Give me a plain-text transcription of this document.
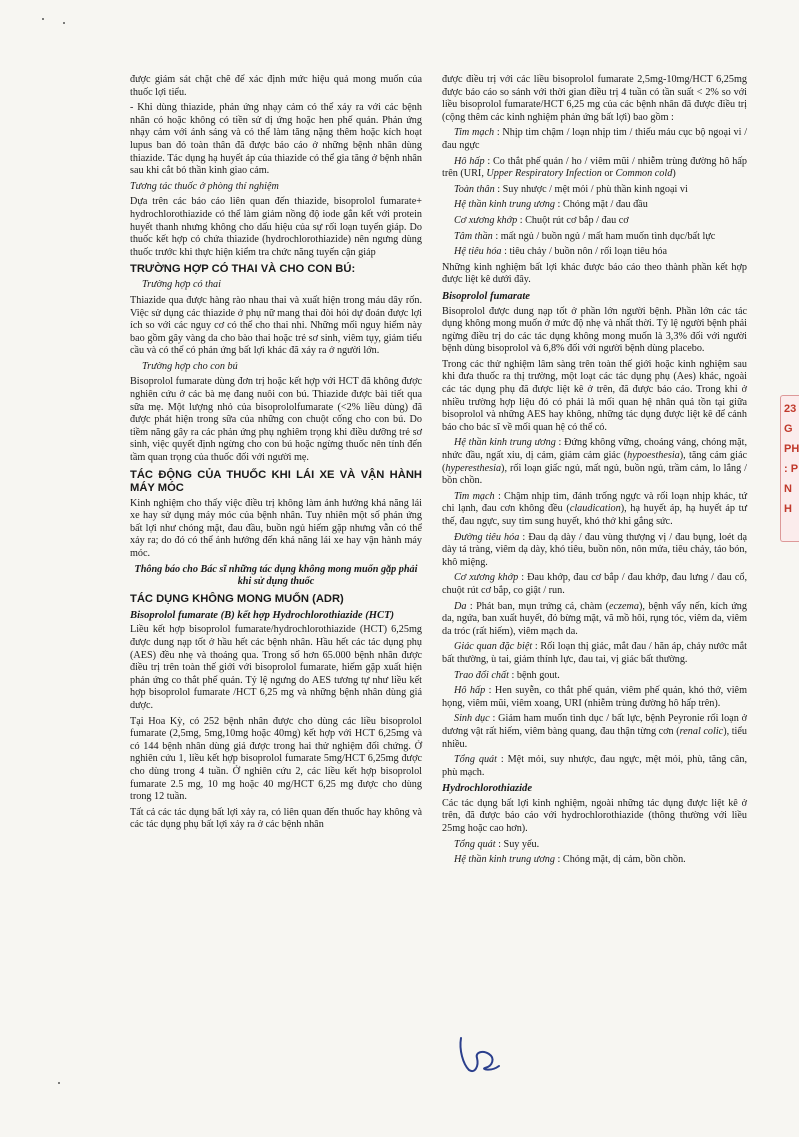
được giám sát chặt chẽ để xác định mức hiệu quả mong muốn của thuốc lợi tiểu.

- Khi dùng thiazide, phản ứng nhạy cảm có thể xảy ra với các bệnh nhân có hoặc không có tiền sử dị ứng hoặc hen phế quản. Phản ứng nhạy cảm với ánh sáng và có thể làm tăng nặng thêm hoặc kích hoạt lupus ban đỏ toàn thân đã được báo cáo ở những bệnh nhân dùng thiazide. Tác dụng hạ huyết áp của thiazide có thể gia tăng ở bệnh nhân sau khi cắt bỏ thần kinh giao cảm.

Tương tác thuốc ở phòng thí nghiệm

Dựa trên các báo cáo liên quan đến thiazide, bisoprolol fumarate+ hydrochlorothiazide có thể làm giảm nồng độ iode gắn kết với protein huyết thanh nhưng không cho dấu hiệu của sự rối loạn tuyến giáp. Do thuốc kết hợp có chứa thiazide (hydrochlorothiazide) nên ngưng dùng thuốc trước khi thực hiện kiểm tra chức năng tuyến cận giáp

TRƯỜNG HỢP CÓ THAI VÀ CHO CON BÚ:

Trường hợp có thai

Thiazide qua được hàng rào nhau thai và xuất hiện trong máu dây rốn. Việc sử dụng các thiazide ở phụ nữ mang thai đòi hỏi dự đoán được lợi ích so với các nguy cơ có thể cho thai nhi. Những mối nguy hiểm này bao gồm gây vàng da cho bào thai hoặc trẻ sơ sinh, viêm tụy, giảm tiểu cầu và có thể có phản ứng bất lợi khác đã xảy ra ở người lớn.

Trường hợp cho con bú

Bisoprolol fumarate dùng đơn trị hoặc kết hợp với HCT đã không được nghiên cứu ở các bà mẹ đang nuôi con bú. Thiazide được bài tiết qua sữa mẹ. Một lượng nhỏ của bisoprololfumarate (<2% liều dùng) đã được phát hiện trong sữa của những con chuột cống cho con bú. Do tiềm năng gây ra các phản ứng phụ nghiêm trọng khi điều dưỡng trẻ sơ sinh, việc quyết định ngừng cho con bú hoặc ngừng thuốc nên tính đến tầm quan trọng của thuốc đối với người mẹ.

TÁC ĐỘNG CỦA THUỐC KHI LÁI XE VÀ VẬN HÀNH MÁY MÓC

Kinh nghiệm cho thấy việc điều trị không làm ảnh hưởng khả năng lái xe hay sử dụng máy móc của bệnh nhân. Tuy nhiên một số phản ứng bất lợi như chóng mặt, đau đầu, buồn ngủ hiếm gặp nhưng vẫn có thể xảy ra; do đó có thể ảnh hưởng đến khả năng lái xe hay vận hành máy móc.

Thông báo cho Bác sĩ những tác dụng không mong muốn gặp phải khi sử dụng thuốc

TÁC DỤNG KHÔNG MONG MUỐN (ADR)
Bisoprolol fumarate (B) kết hợp Hydrochlorothiazide (HCT)

Liều kết hợp bisoprolol fumarate/hydrochlorothiazide (HCT) 6,25mg được dung nạp tốt ở hầu hết các bệnh nhân. Hầu hết các tác dụng phụ (AES) đều nhẹ và thoáng qua. Trong số hơn 65.000 bệnh nhân được điều trị trên toàn thế giới với bisoprolol fumarate, hiếm gặp xuất hiện phản ứng co thắt phế quản. Tỷ lệ ngưng do AES tương tự như liều kết hợp bisoprolol fumarate /HCT 6,25 mg và những bệnh nhân dùng giả dược.

Tại Hoa Kỳ, có 252 bệnh nhân được cho dùng các liều bisoprolol fumarate (2,5mg, 5mg,10mg hoặc 40mg) kết hợp với HCT 6,25mg và có 144 bệnh nhân dùng giả được trong hai thử nghiệm đối chứng. Ở nghiên cứu 1, liều kết hợp bisoprolol fumarate 5mg/HCT 6,25mg được cho dùng trong 4 tuần. Ở nghiên cứu 2, các liều kết hợp bisoprolol fumarate 2.5 mg, 10 mg hoặc 40 mg/HCT 6,25 mg được cho dùng trong 12 tuần.

Tất cả các tác dụng bất lợi xảy ra, có liên quan đến thuốc hay không và các tác dụng phụ bất lợi xảy ra ở các bệnh nhân

được điều trị với các liều bisoprolol fumarate 2,5mg-10mg/HCT 6,25mg được báo cáo so sánh với thời gian điều trị 4 tuần có tần suất < 2% so với liều bisoprolol fumarate/HCT 6,25 mg của các bệnh nhân đã được điều trị (cộng thêm các kinh nghiệm phản ứng bất lợi) bao gồm :

Tim mạch : Nhịp tim chậm / loạn nhịp tim / thiếu máu cục bộ ngoại vi / đau ngực

Hô hấp : Co thắt phế quản / ho / viêm mũi / nhiễm trùng đường hô hấp trên (URI, Upper Respiratory Infection or Common cold)

Toàn thân : Suy nhược / mệt mỏi / phù thần kinh ngoại vi

Hệ thần kinh trung ương : Chóng mặt / đau đầu

Cơ xương khớp : Chuột rút cơ bắp / đau cơ

Tâm thần : mất ngủ / buồn ngủ / mất ham muốn tình dục/bất lực

Hệ tiêu hóa : tiêu chảy / buồn nôn / rối loạn tiêu hóa

Những kinh nghiệm bất lợi khác được báo cáo theo thành phần kết hợp được liệt kê dưới đây.

Bisoprolol fumarate

Bisoprolol được dung nạp tốt ở phần lớn người bệnh. Phần lớn các tác dụng không mong muốn ở mức độ nhẹ và nhất thời. Tỷ lệ người bệnh phải ngừng điều trị do các tác dụng không mong muốn là 3,3% đối với người bệnh dùng bisoprolol và 6,8% đối với người bệnh dùng placebo.

Trong các thử nghiệm lâm sàng trên toàn thế giới hoặc kinh nghiệm sau khi đưa thuốc ra thị trường, một loạt các tác dụng phụ (Aes) khác, ngoài các tác dụng phụ đã được liệt kê ở trên, đã được báo cáo. Trong khi ở nhiều trường hợp liệu đó có phải là mối quan hệ nhân quả tồn tại giữa bisoprolol và những AES hay không, những tác dụng được liệt kê để cảnh báo cho bác sĩ về mối quan hệ có thể có.

Hệ thần kinh trung ương : Đứng không vững, choáng váng, chóng mặt, nhức đầu, ngất xỉu, dị cảm, giảm cảm giác (hypoesthesia), tăng cảm giác (hyperesthesia), rối loạn giấc ngủ, mất ngủ, buồn ngủ, trầm cảm, lo lắng / bồn chồn.

Tim mạch : Chậm nhịp tim, đánh trống ngực và rối loạn nhịp khác, tứ chi lạnh, đau cơn không đều (claudication), hạ huyết áp, hạ huyết áp tư thế, đau ngực, suy tim sung huyết, khó thở khi gắng sức.

Đường tiêu hóa : Đau dạ dày / đau vùng thượng vị / đau bụng, loét dạ dày tá tràng, viêm dạ dày, khó tiêu, buồn nôn, nôn mửa, tiêu chảy, táo bón, khô miệng.

Cơ xương khớp : Đau khớp, đau cơ bắp / đau khớp, đau lưng / đau cổ, chuột rút cơ bắp, co giật / run.

Da : Phát ban, mụn trứng cá, chàm (eczema), bệnh vẩy nến, kích ứng da, ngứa, ban xuất huyết, đỏ bừng mặt, vã mồ hôi, rụng tóc, viêm da, viêm da tróc (rất hiếm), viêm mạch da.

Giác quan đặc biệt : Rối loạn thị giác, mắt đau / hăn áp, chảy nước mắt bất thường, ù tai, giảm thính lực, đau tai, vị giác bất thường.

Trao đổi chất : bệnh gout.

Hô hấp : Hen suyễn, co thắt phế quản, viêm phế quản, khó thở, viêm họng, viêm mũi, viêm xoang, URI (nhiễm trùng đường hô hấp trên).

Sinh dục : Giảm ham muốn tình dục / bất lực, bệnh Peyronie rối loạn ở dương vật rất hiếm, viêm bàng quang, đau thận từng cơn (renal colic), tiểu nhiều.

Tổng quát : Mệt mỏi, suy nhược, đau ngực, mệt mỏi, phù, tăng cân, phù mạch.

Hydrochlorothiazide

Các tác dụng bất lợi kinh nghiệm, ngoài những tác dụng được liệt kê ở trên, đã được báo cáo với hydrochlorothiazide (thông thường với liều 25mg hoặc cao hơn).

Tổng quát : Suy yếu.

Hệ thần kinh trung ương : Chóng mặt, dị cảm, bồn chồn.

23
G
PH
: P
N
H
